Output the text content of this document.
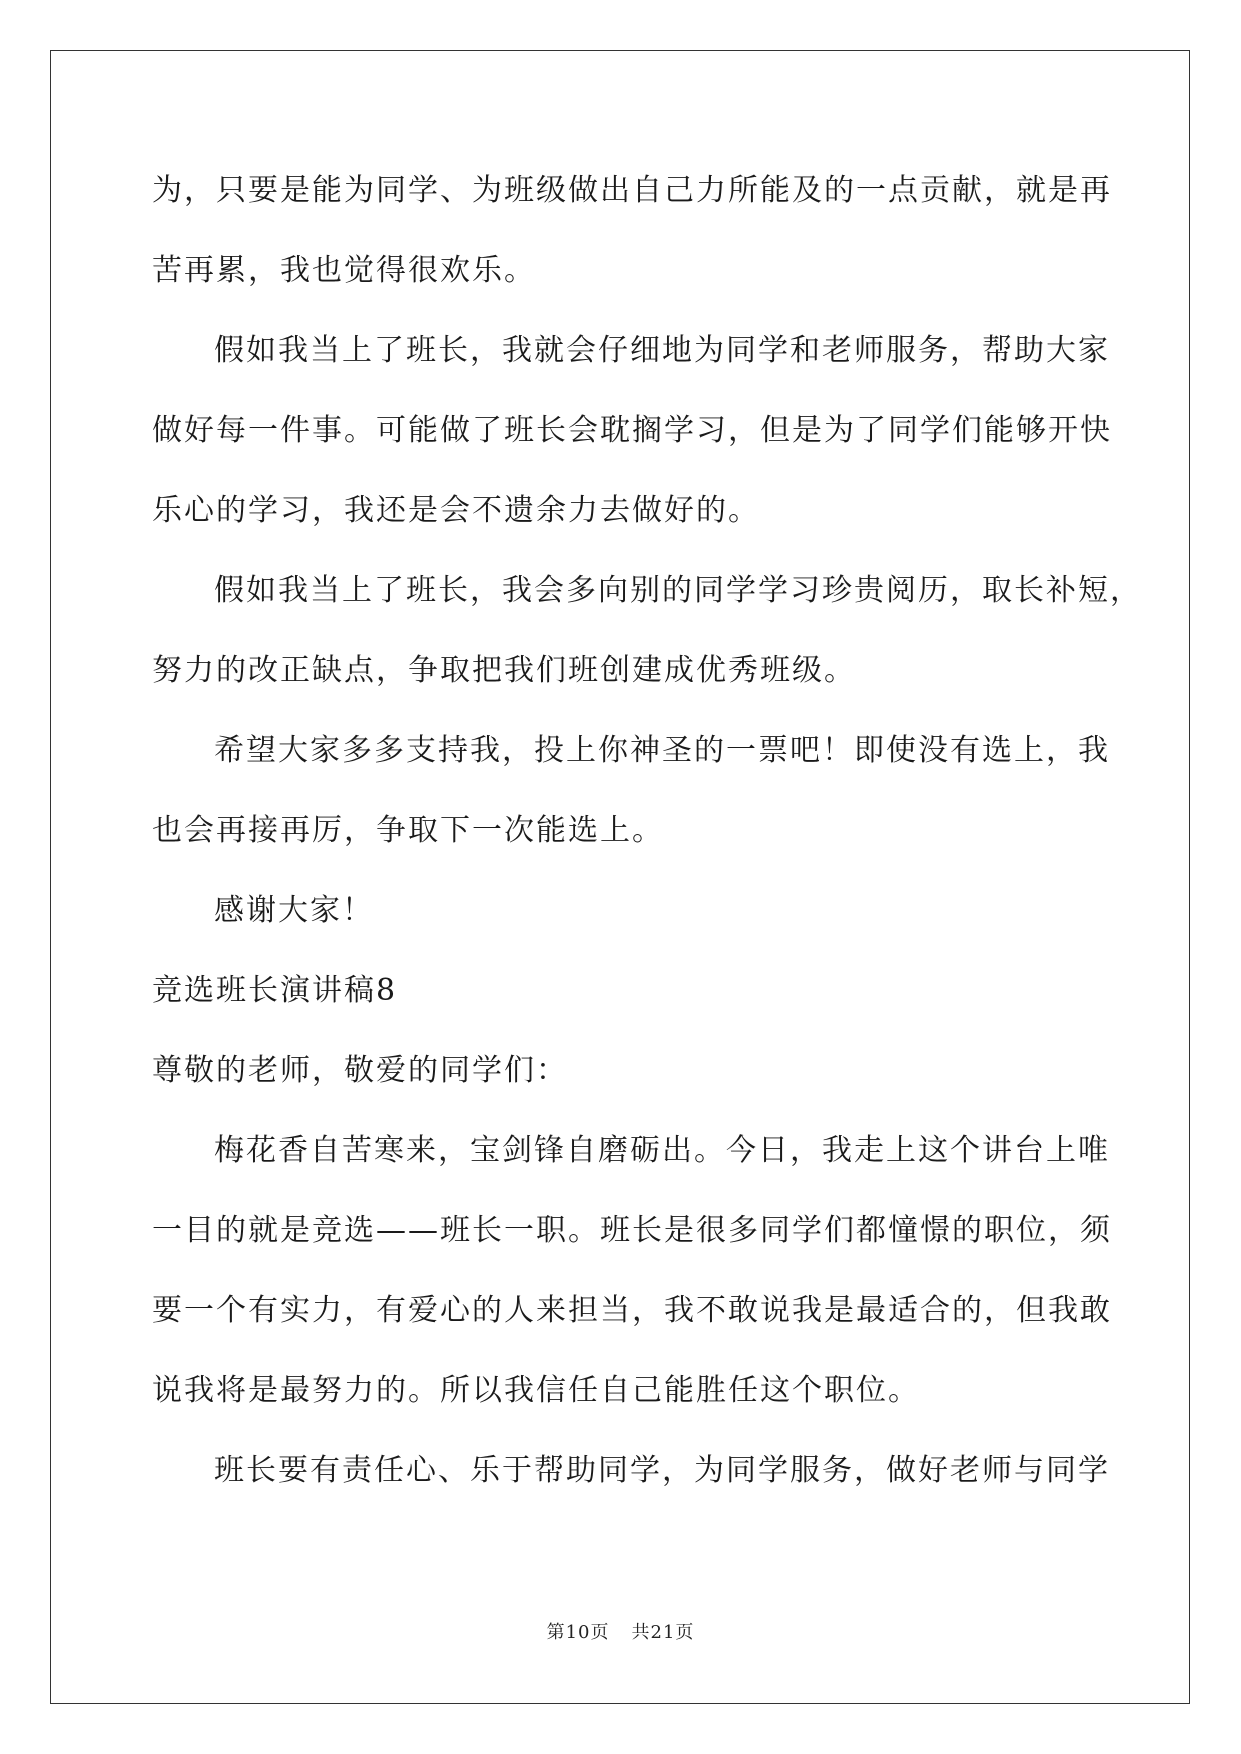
为，只要是能为同学、为班级做出自己力所能及的一点贡献，就是再
苦再累，我也觉得很欢乐。
假如我当上了班长，我就会仔细地为同学和老师服务，帮助大家
做好每一件事。可能做了班长会耽搁学习，但是为了同学们能够开快
乐心的学习，我还是会不遗余力去做好的。
假如我当上了班长，我会多向别的同学学习珍贵阅历，取长补短，
努力的改正缺点，争取把我们班创建成优秀班级。
希望大家多多支持我，投上你神圣的一票吧！即使没有选上，我
也会再接再厉，争取下一次能选上。
感谢大家！
竞选班长演讲稿8
尊敬的老师，敬爱的同学们：
梅花香自苦寒来，宝剑锋自磨砺出。今日，我走上这个讲台上唯
一目的就是竞选——班长一职。班长是很多同学们都憧憬的职位，须
要一个有实力，有爱心的人来担当，我不敢说我是最适合的，但我敢
说我将是最努力的。所以我信任自己能胜任这个职位。
班长要有责任心、乐于帮助同学，为同学服务，做好老师与同学
第10页 共21页
